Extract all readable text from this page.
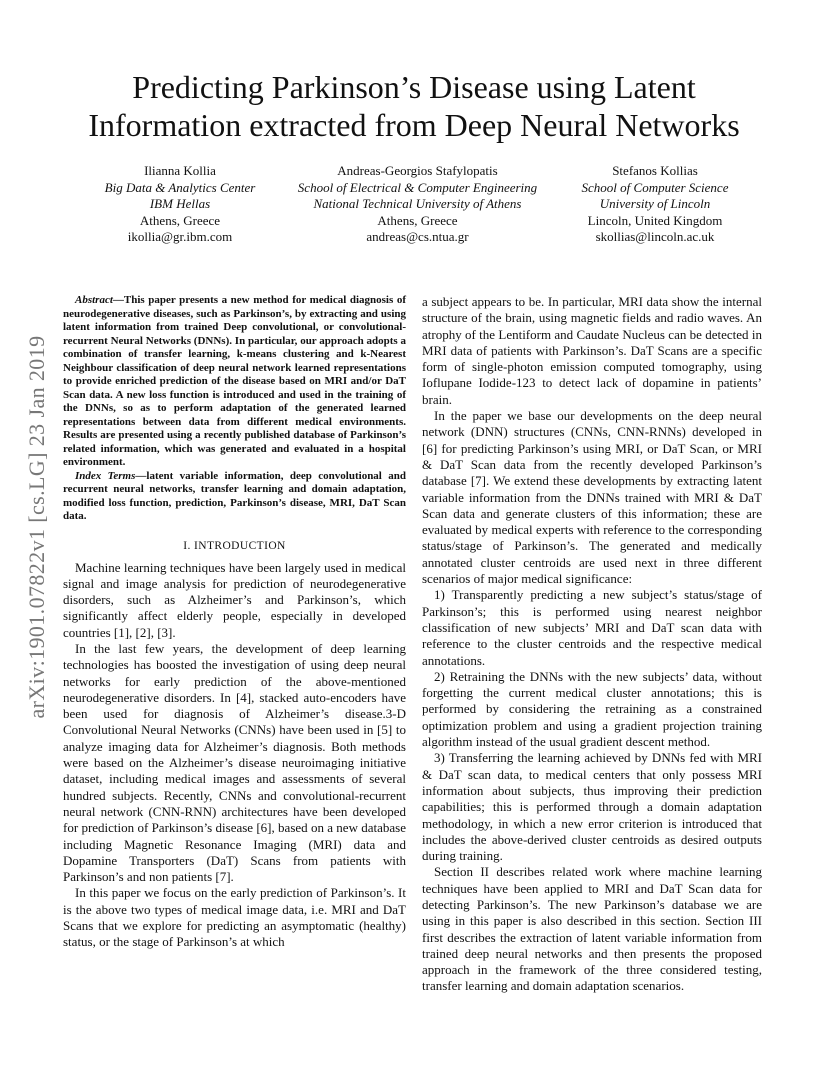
arXiv:1901.07822v1 [cs.LG] 23 Jan 2019
Predicting Parkinson’s Disease using Latent
Information extracted from Deep Neural Networks
Ilianna Kollia
Big Data & Analytics Center
IBM Hellas
Athens, Greece
ikollia@gr.ibm.com
Andreas-Georgios Stafylopatis
School of Electrical & Computer Engineering
National Technical University of Athens
Athens, Greece
andreas@cs.ntua.gr
Stefanos Kollias
School of Computer Science
University of Lincoln
Lincoln, United Kingdom
skollias@lincoln.ac.uk

Abstract—This paper presents a new method for medical diagnosis of neurodegenerative diseases, such as Parkinson’s, by extracting and using latent information from trained Deep convolutional, or convolutional-recurrent Neural Networks (DNNs). In particular, our approach adopts a combination of transfer learning, k-means clustering and k-Nearest Neighbour classification of deep neural network learned representations to provide enriched prediction of the disease based on MRI and/or DaT Scan data. A new loss function is introduced and used in the training of the DNNs, so as to perform adaptation of the generated learned representations between data from different medical environments. Results are presented using a recently published database of Parkinson’s related information, which was generated and evaluated in a hospital environment.

Index Terms—latent variable information, deep convolutional and recurrent neural networks, transfer learning and domain adaptation, modified loss function, prediction, Parkinson’s disease, MRI, DaT Scan data.

I. INTRODUCTION

Machine learning techniques have been largely used in medical signal and image analysis for prediction of neurodegenerative disorders, such as Alzheimer’s and Parkinson’s, which significantly affect elderly people, especially in developed countries [1], [2], [3].

In the last few years, the development of deep learning technologies has boosted the investigation of using deep neural networks for early prediction of the above-mentioned neurodegenerative disorders. In [4], stacked auto-encoders have been used for diagnosis of Alzheimer’s disease.3-D Convolutional Neural Networks (CNNs) have been used in [5] to analyze imaging data for Alzheimer’s diagnosis. Both methods were based on the Alzheimer’s disease neuroimaging initiative dataset, including medical images and assessments of several hundred subjects. Recently, CNNs and convolutional-recurrent neural network (CNN-RNN) architectures have been developed for prediction of Parkinson’s disease [6], based on a new database including Magnetic Resonance Imaging (MRI) data and Dopamine Transporters (DaT) Scans from patients with Parkinson’s and non patients [7].

In this paper we focus on the early prediction of Parkinson’s. It is the above two types of medical image data, i.e. MRI and DaT Scans that we explore for predicting an asymptomatic (healthy) status, or the stage of Parkinson’s at which

a subject appears to be. In particular, MRI data show the internal structure of the brain, using magnetic fields and radio waves. An atrophy of the Lentiform and Caudate Nucleus can be detected in MRI data of patients with Parkinson’s. DaT Scans are a specific form of single-photon emission computed tomography, using Ioflupane Iodide-123 to detect lack of dopamine in patients’ brain.

In the paper we base our developments on the deep neural network (DNN) structures (CNNs, CNN-RNNs) developed in [6] for predicting Parkinson’s using MRI, or DaT Scan, or MRI & DaT Scan data from the recently developed Parkinson’s database [7]. We extend these developments by extracting latent variable information from the DNNs trained with MRI & DaT Scan data and generate clusters of this information; these are evaluated by medical experts with reference to the corresponding status/stage of Parkinson’s. The generated and medically annotated cluster centroids are used next in three different scenarios of major medical significance:

1) Transparently predicting a new subject’s status/stage of Parkinson’s; this is performed using nearest neighbor classification of new subjects’ MRI and DaT scan data with reference to the cluster centroids and the respective medical annotations.

2) Retraining the DNNs with the new subjects’ data, without forgetting the current medical cluster annotations; this is performed by considering the retraining as a constrained optimization problem and using a gradient projection training algorithm instead of the usual gradient descent method.

3) Transferring the learning achieved by DNNs fed with MRI & DaT scan data, to medical centers that only possess MRI information about subjects, thus improving their prediction capabilities; this is performed through a domain adaptation methodology, in which a new error criterion is introduced that includes the above-derived cluster centroids as desired outputs during training.

Section II describes related work where machine learning techniques have been applied to MRI and DaT Scan data for detecting Parkinson’s. The new Parkinson’s database we are using in this paper is also described in this section. Section III first describes the extraction of latent variable information from trained deep neural networks and then presents the proposed approach in the framework of the three considered testing, transfer learning and domain adaptation scenarios.
